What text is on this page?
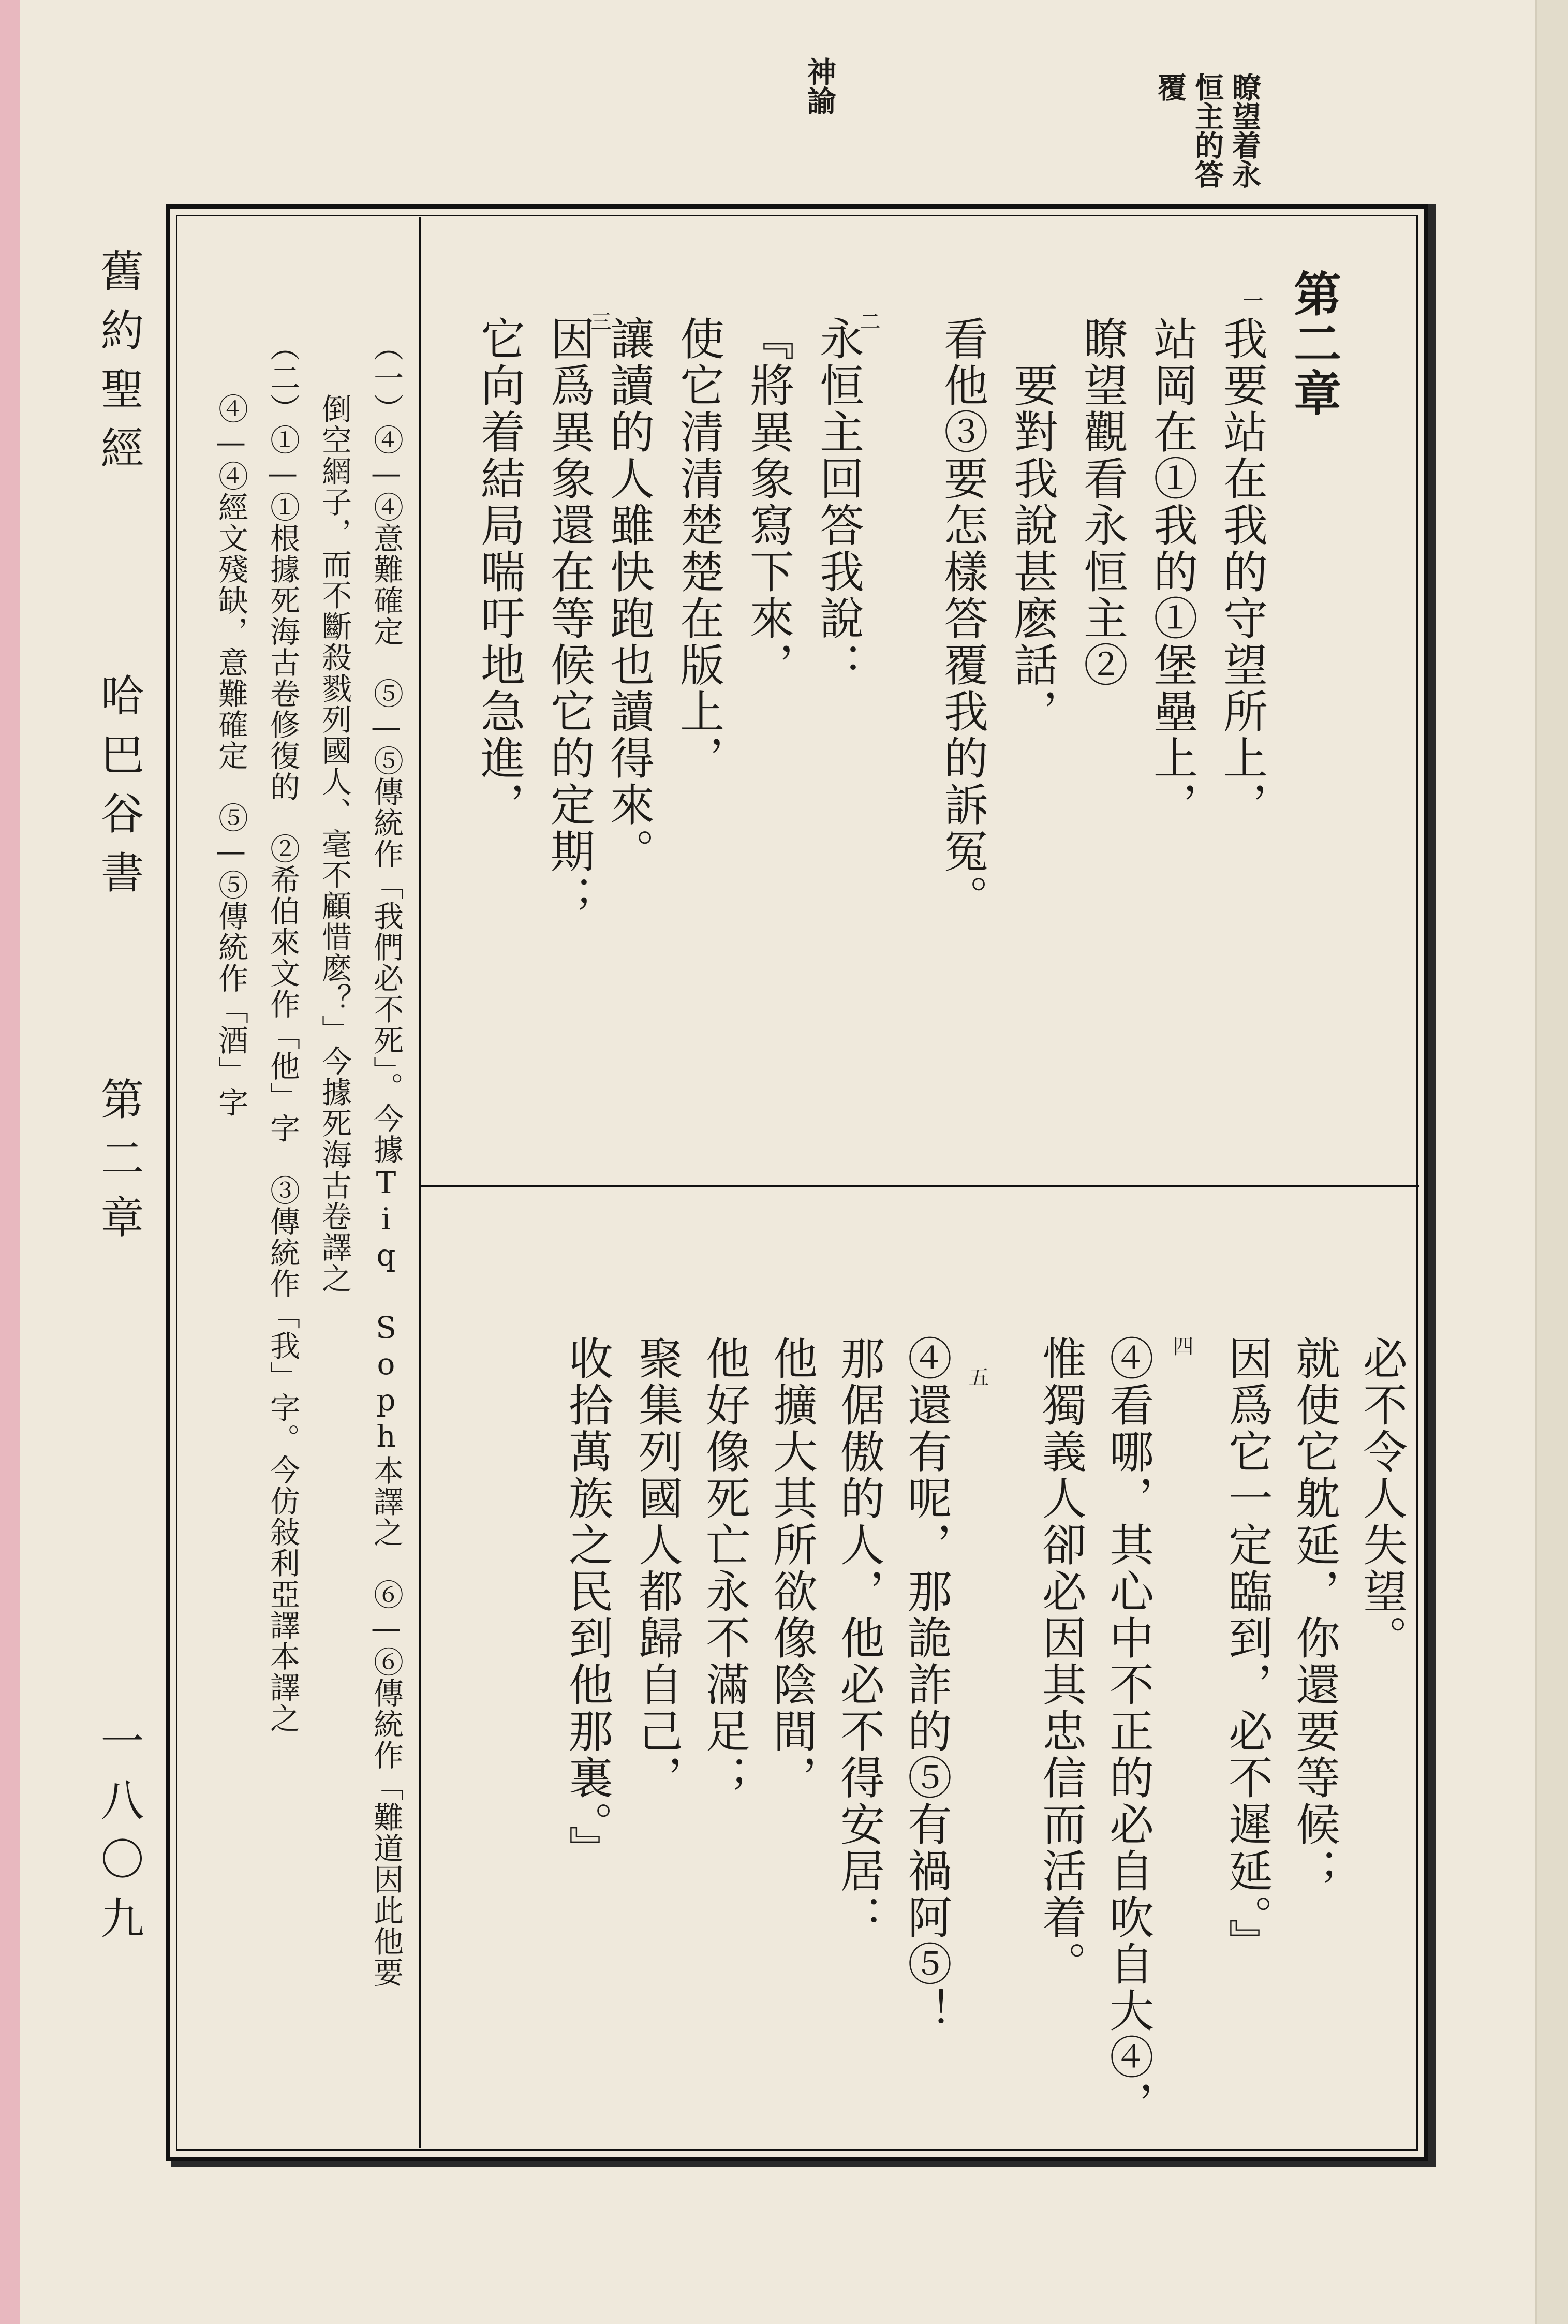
瞭望着永
恒主的答
覆
神諭
舊約聖經
哈巴谷書
第二章
一八〇九
第二章
一
二
三
四
五
我要站在我的守望所上，
站岡在①我的①堡壘上，
瞭望觀看永恒主②
　要對我說甚麽話，
看他③要怎樣答覆我的訴冤。
永恒主回答我說：
『將異象寫下來，
使它清清楚楚在版上，
讓讀的人雖快跑也讀得來。
因爲異象還在等候它的定期；
它向着結局喘吁地急進，
必不令人失望。
就使它躭延，你還要等候；
因爲它一定臨到，必不遲延。』
④看哪，其心中不正的必自吹自大④，
惟獨義人卻必因其忠信而活着。
④還有呢，那詭詐的⑤有禍阿⑤！
那倨傲的人，他必不得安居：
他擴大其所欲像陰間，
他好像死亡永不滿足；
聚集列國人都歸自己，
收拾萬族之民到他那裏。』
（一）④—④意難確定　⑤—⑤傳統作「我們必不死」。今據Tiq Soph本譯之　⑥—⑥傳統作「難道因此他要
　　倒空網子，而不斷殺戮列國人、毫不顧惜麽？」今據死海古卷譯之
（二）①—①根據死海古卷修復的　②希伯來文作「他」字　③傳統作「我」字。今仿敍利亞譯本譯之
　　④—④經文殘缺，意難確定　⑤—⑤傳統作「酒」字
